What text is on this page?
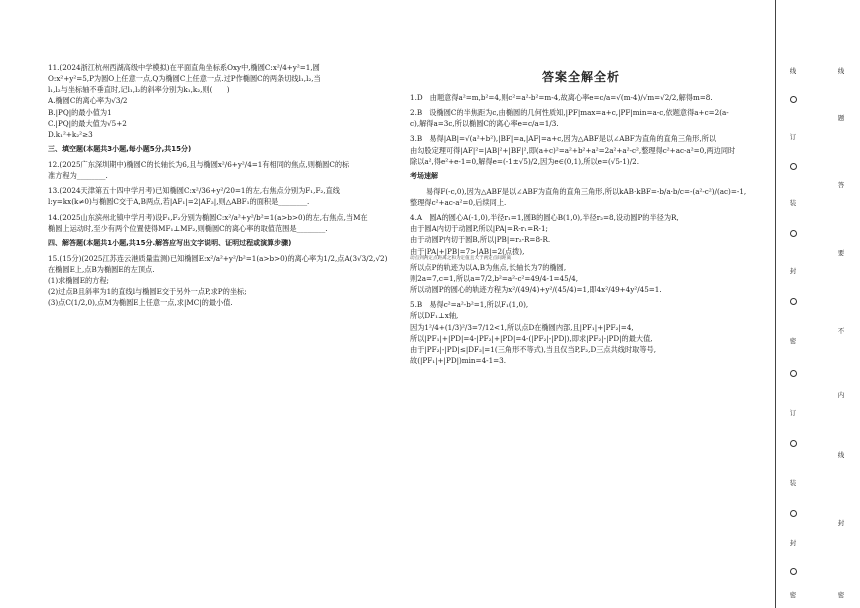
11.(2024浙江杭州西湖高级中学模拟)在平面直角坐标系Oxy中,椭圆C:x²/4+y²=1,圆
O:x²+y²=5,P为圆O上任意一点,Q为椭圆C上任意一点.过P作椭圆C的两条切线l₁,l₂,当
l₁,l₂与坐标轴不垂直时,记l₁,l₂的斜率分别为k₁,k₂,则(　　)
A.椭圆C的离心率为√3/2
B.|PQ|的最小值为1
C.|PQ|的最大值为√5+2
D.k₁²+k₂²≥3
三、填空题(本题共3小题,每小题5分,共15分)
12.(2025广东深圳期中)椭圆C的长轴长为6,且与椭圆x²/6+y²/4=1有相同的焦点,则椭圆C的标
准方程为________.
13.(2024天津第五十四中学月考)已知椭圆C:x²/36+y²/20=1的左,右焦点分别为F₁,F₂,直线
l:y=kx(k≠0)与椭圆C交于A,B两点,若|AF₁|=2|AF₂|,则△ABF₁的面积是________.
14.(2025山东滨州北镇中学月考)设F₁,F₂分别为椭圆C:x²/a²+y²/b²=1(a>b>0)的左,右焦点,当M在
椭圆上运动时,至少有两个位置使得MF₁⊥MF₂,则椭圆C的离心率的取值范围是________.
四、解答题(本题共1小题,共15分.解答应写出文字说明、证明过程或演算步骤)
15.(15分)(2025江苏连云港质量监测)已知椭圆E:x²/a²+y²/b²=1(a>b>0)的离心率为1/2,点A(3√3/2,√2)
在椭圆E上,点B为椭圆E的左顶点.
(1)求椭圆E的方程;
(2)过点B且斜率为1的直线l与椭圆E交于另外一点P,求P的坐标;
(3)点C(1/2,0),点M为椭圆E上任意一点,求|MC|的最小值.
答案全解全析
1.D　由题意得a²=m,b²=4,则c²=a²-b²=m-4,故离心率e=c/a=√(m-4)/√m=√2/2,解得m=8.
2.B　设椭圆C的半焦距为c,由椭圆的几何性质知,|PF|max=a+c,|PF|min=a-c,依题意得a+c=2(a-
c),解得a=3c,所以椭圆C的离心率e=c/a=1/3.
3.B　易得|AB|=√(a²+b²),|BF|=a,|AF|=a+c,因为△ABF是以∠ABF为直角的直角三角形,所以
由勾股定理可得|AF|²=|AB|²+|BF|²,即(a+c)²=a²+b²+a²=2a²+a²-c²,整理得c²+ac-a²=0,两边同时
除以a²,得e²+e-1=0,解得e=(-1±√5)/2,因为e∈(0,1),所以e=(√5-1)/2.
考场速解
易得F(-c,0),因为△ABF是以∠ABF为直角的直角三角形,所以kAB·kBF=-b/a·b/c=-(a²-c²)/(ac)=-1,
整理得c²+ac-a²=0,后续同上.
4.A　圆A的圆心A(-1,0),半径r₁=1,圆B的圆心B(1,0),半径r₂=8,设动圆P的半径为R,
由于圆A内切于动圆P,所以|PA|=R-r₁=R-1;
由于动圆P内切于圆B,所以|PB|=r₂-R=8-R.
由于|PA|+|PB|=7>|AB|=2(点拨),
动点到两定点距离之和为定值且大于两定点间距离
所以点P的轨迹为以A,B为焦点,长轴长为7的椭圆,
则2a=7,c=1,所以a=7/2,b²=a²-c²=49/4-1=45/4,
所以动圆P的圆心的轨迹方程为x²/(49/4)+y²/(45/4)=1,即4x²/49+4y²/45=1.
5.B　易得c²=a²-b²=1,所以F₁(1,0),
所以DF₁⊥x轴,
因为1²/4+(1/3)²/3=7/12<1,所以点D在椭圆内部,且|PF₁|+|PF₂|=4,
所以|PF₁|+|PD|=4-|PF₂|+|PD|=4-(|PF₂|-|PD|),即求|PF₂|-|PD|的最大值,
由于|PF₂|-|PD|≤|DF₂|=1(三角形不等式),当且仅当P,F₂,D三点共线时取等号,
故(|PF₁|+|PD|)min=4-1=3.
线
订
装
封
密
订
装
封
密
线
题
答
要
不
内
线
封
密
